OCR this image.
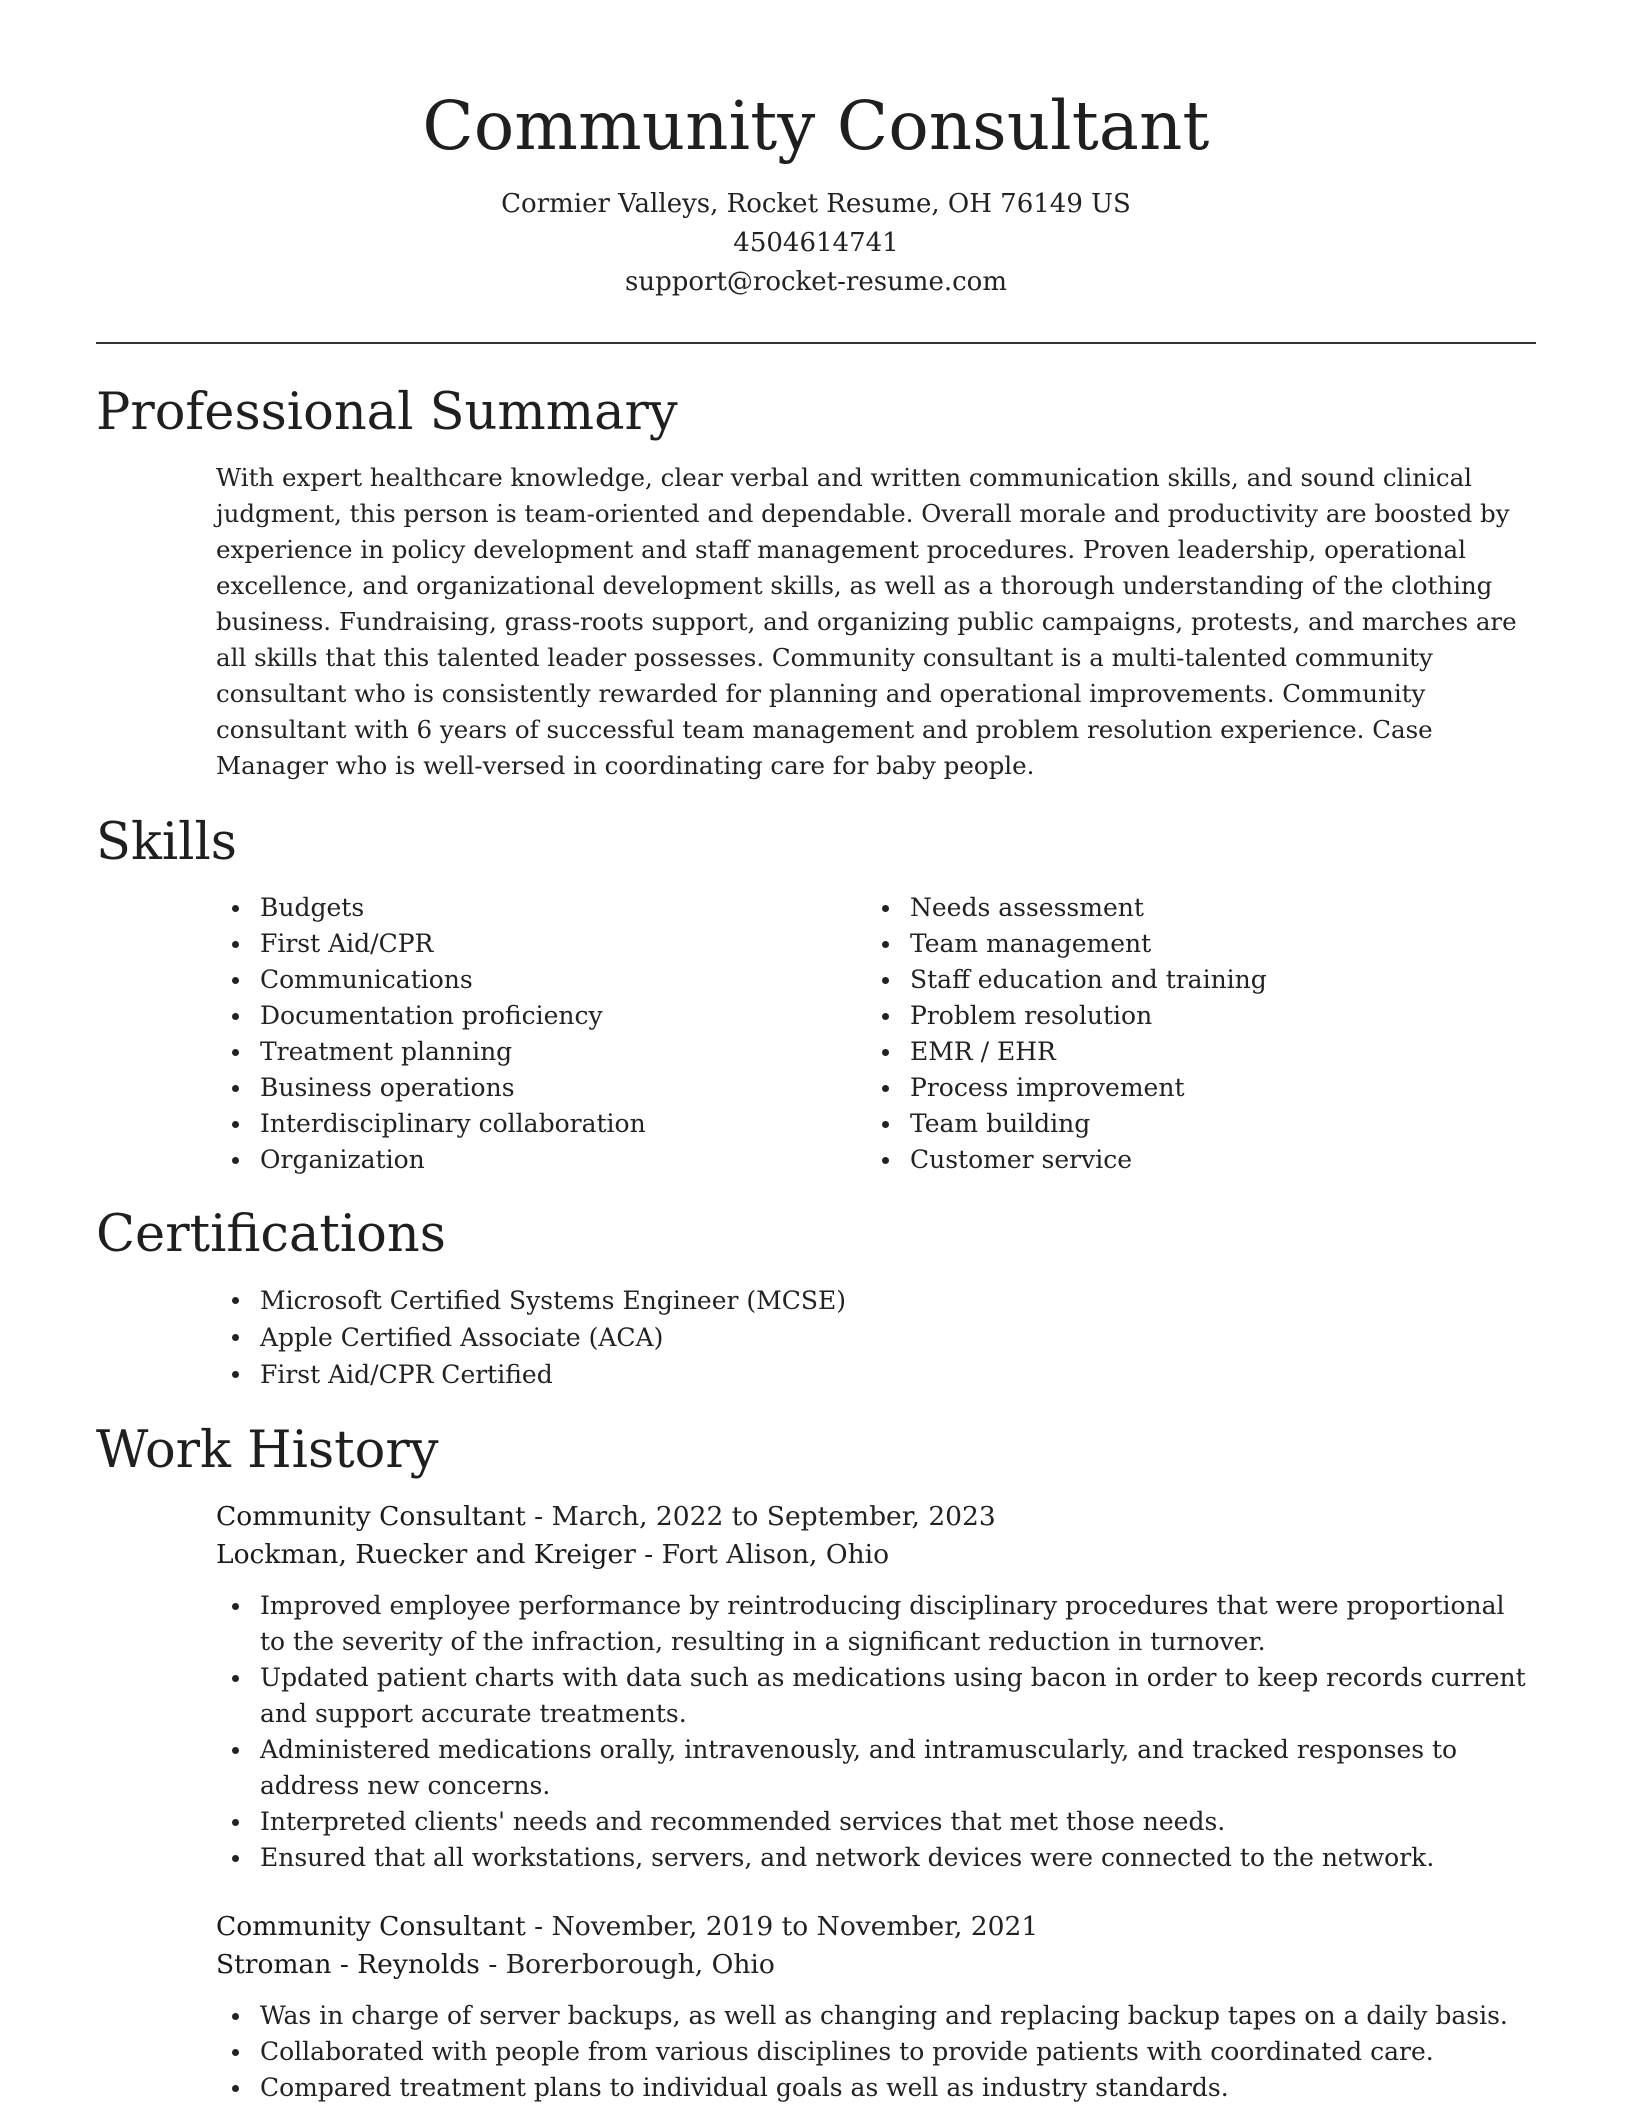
Community Consultant

Cormier Valleys, Rocket Resume, OH 76149 US

4504614741

support@rocket-resume.com

Professional Summary

With expert healthcare knowledge, clear verbal and written communication skills, and sound clinical judgment, this person is team-oriented and dependable. Overall morale and productivity are boosted by experience in policy development and staff management procedures. Proven leadership, operational excellence, and organizational development skills, as well as a thorough understanding of the clothing business. Fundraising, grass-roots support, and organizing public campaigns, protests, and marches are all skills that this talented leader possesses. Community consultant is a multi-talented community consultant who is consistently rewarded for planning and operational improvements. Community consultant with 6 years of successful team management and problem resolution experience. Case Manager who is well-versed in coordinating care for baby people.

Skills
Budgets
First Aid/CPR
Communications
Documentation proficiency
Treatment planning
Business operations
Interdisciplinary collaboration
Organization
Needs assessment
Team management
Staff education and training
Problem resolution
EMR / EHR
Process improvement
Team building
Customer service
Certifications
Microsoft Certified Systems Engineer (MCSE)
Apple Certified Associate (ACA)
First Aid/CPR Certified
Work History

Community Consultant - March, 2022 to September, 2023

Lockman, Ruecker and Kreiger - Fort Alison, Ohio

Improved employee performance by reintroducing disciplinary procedures that were proportional to the severity of the infraction, resulting in a significant reduction in turnover.
Updated patient charts with data such as medications using bacon in order to keep records current and support accurate treatments.
Administered medications orally, intravenously, and intramuscularly, and tracked responses to address new concerns.
Interpreted clients' needs and recommended services that met those needs.
Ensured that all workstations, servers, and network devices were connected to the network.

Community Consultant - November, 2019 to November, 2021

Stroman - Reynolds - Borerborough, Ohio

Was in charge of server backups, as well as changing and replacing backup tapes on a daily basis.
Collaborated with people from various disciplines to provide patients with coordinated care.
Compared treatment plans to individual goals as well as industry standards.
